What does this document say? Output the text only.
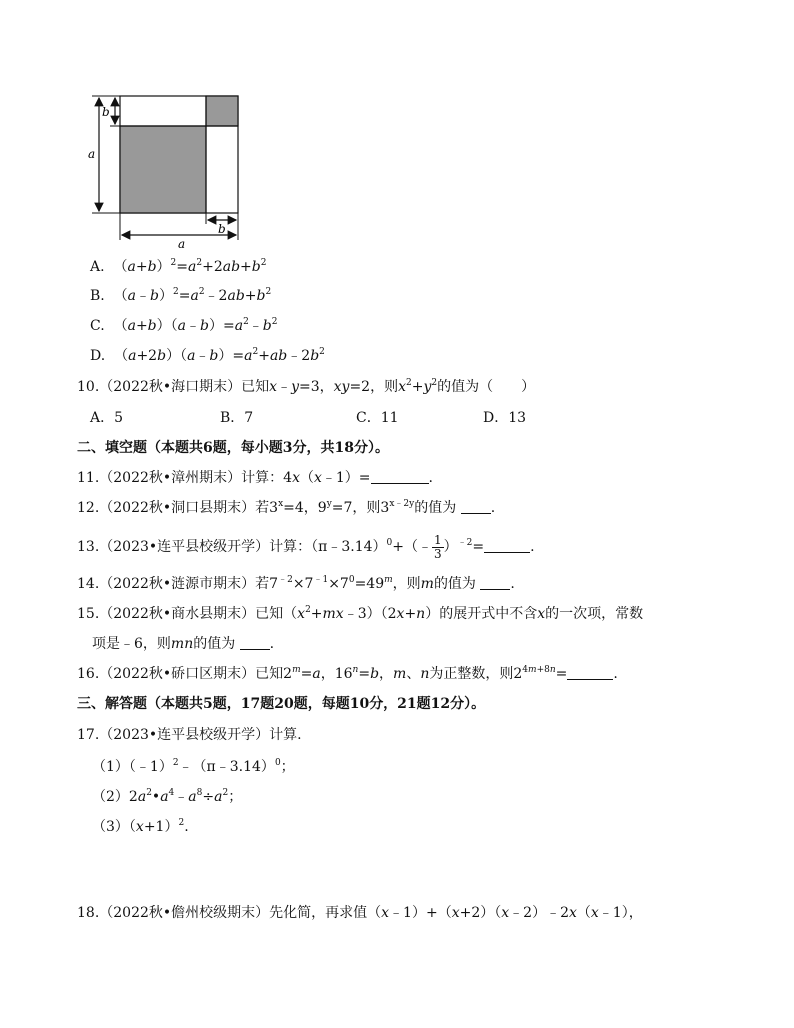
b
a
b
a
A.  $(a+b)^2=a^2+2ab+b^2$
B.  $(a﹣b)^2=a^2﹣2ab+b^2$
C.  $(a+b)(a﹣b)=a^2﹣b^2$
D.  $(a+2b)(a﹣b)=a^2+ab﹣2b^2$
10.（2022秋•海口期末）已知x﹣y=3，xy=2，则$x^2+y^2$的值为（　　）
A．5	B．7	C．11	D．13
二、填空题（本题共6题，每小题3分，共18分）。
11.（2022秋•漳州期末）计算：4x（x﹣1）=	.
12.（2022秋•洞口县期末）若$3^x=4$，$9^y=7$，则$3^{x﹣2y}$的值为 .
13.（2023•连平县校级开学）计算：（π﹣3.14）$^0$+（﹣ $\frac{1}{3} )^{﹣2}=$	.
14.（2022秋•涟源市期末）若$7^{﹣2}\times 7^{﹣1}\times 7^0=49^m$，则m的值为 .
15.（2022秋•商水县期末）已知$(x^2+mx﹣3)(2x+n)$的展开式中不含x的一次项，常数
项是﹣6，则mn的值为 .
16.（2022秋•硚口区期末）已知$2^m=a$，$16^n=b$，m、n为正整数，则$2^{4m+8n}=$	.
三、解答题（本题共5题，17题20题，每题10分，21题12分）。
17.（2023•连平县校级开学）计算.
（1）（﹣1）$^2$﹣（π﹣3.14）$^0$；
$(2)2a^2•a^4﹣a^8\div a^2$；
$(3)(x+1)^2$.
18.（2022秋•儋州校级期末）先化简，再求值（x﹣1）+（x+2）（x﹣2）﹣2x（x﹣1），
